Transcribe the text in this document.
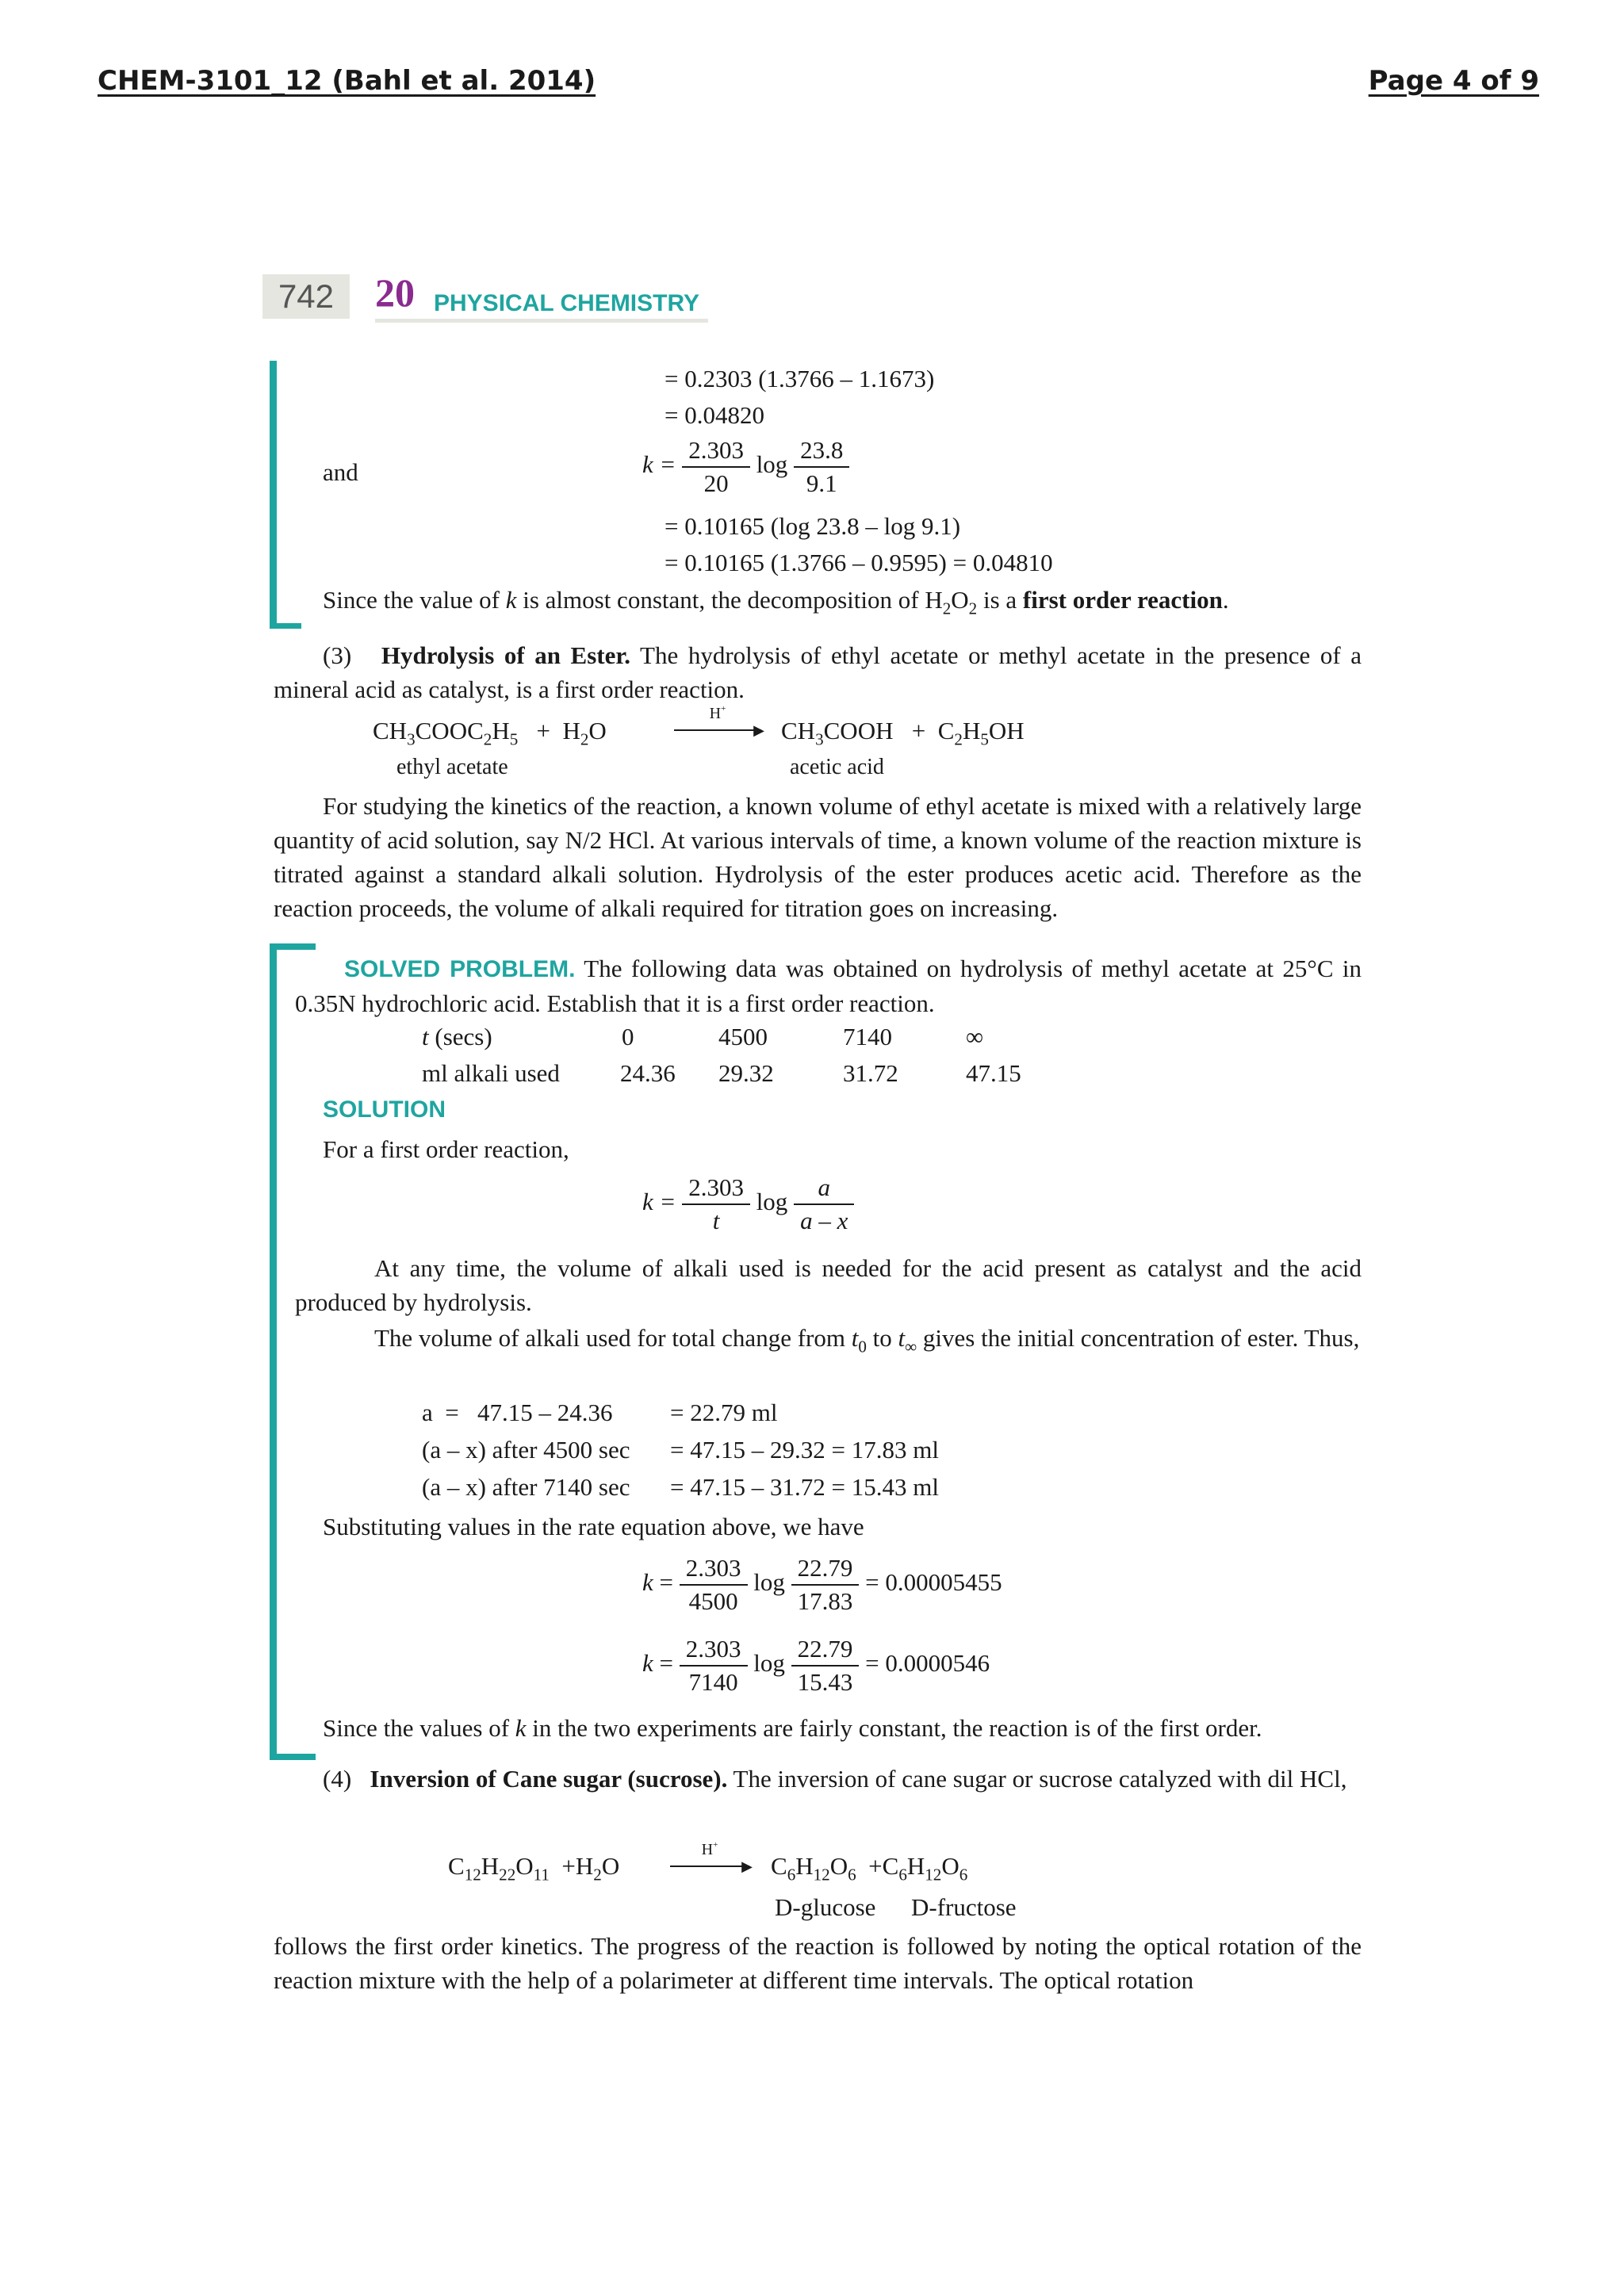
CHEM-3101_12 (Bahl et al. 2014)	Page 4 of 9
742	20 PHYSICAL CHEMISTRY
= 0.2303 (1.3766 – 1.1673)
= 0.04820
and	$k = \frac{2.303}{20}$ $\log \frac{23.8}{9.1}$
= 0.10165 (log 23.8 – log 9.1)
= 0.10165 (1.3766 – 0.9595) = 0.04810
Since the value of k is almost constant, the decomposition of $H_2O_2$ is a first order reaction.
(3) Hydrolysis of an Ester. The hydrolysis of ethyl acetate or methyl acetate in the presence of a mineral acid as catalyst, is a first order reaction.
$CH_3COOC_2H_5 + H_2O$
H+
▶ $CH_3COOH + C_2H_5OH$
ethyl acetate	acetic acid
For studying the kinetics of the reaction, a known volume of ethyl acetate is mixed with a relatively large quantity of acid solution, say N/2 HCl. At various intervals of time, a known volume of the reaction mixture is titrated against a standard alkali solution. Hydrolysis of the ester produces acetic acid. Therefore as the reaction proceeds, the volume of alkali required for titration goes on increasing.
SOLVED PROBLEM. The following data was obtained on hydrolysis of methyl acetate at 25°C in 0.35N hydrochloric acid. Establish that it is a first order reaction.
t (secs)	0	4500	7140	∞
ml alkali used 24.36 29.32	31.72	47.15
SOLUTION
For a first order reaction,
$k = \frac{2.303}{t}$ $\log \frac{a}{a - x}$
At any time, the volume of alkali used is needed for the acid present as catalyst and the acid produced by hydrolysis.
The volume of alkali used for total change from $t_0$ to $t_\infty$ gives the initial concentration of ester. Thus,
a  =   47.15 – 24.36 = 22.79 ml
(a – x) after 4500 sec = 47.15 – 29.32 = 17.83 ml
(a – x) after 7140 sec = 47.15 – 31.72 = 15.43 ml
Substituting values in the rate equation above, we have
$k = \frac{2.303}{4500}$ $\log \frac{22.79}{17.83} = 0.00005455$
$k = \frac{2.303}{7140}$ $\log \frac{22.79}{15.43} = 0.0000546$
Since the values of k in the two experiments are fairly constant, the reaction is of the first order.
(4) Inversion of Cane sugar (sucrose). The inversion of cane sugar or sucrose catalyzed with dil HCl,
$C_{12}H_{22}O_{11} +H_2O$
H+
▶ $C_6H_{12}O_6 +C_6H_{12}O_6$
D-glucose D-fructose
follows the first order kinetics. The progress of the reaction is followed by noting the optical rotation of the reaction mixture with the help of a polarimeter at different time intervals. The optical rotation
